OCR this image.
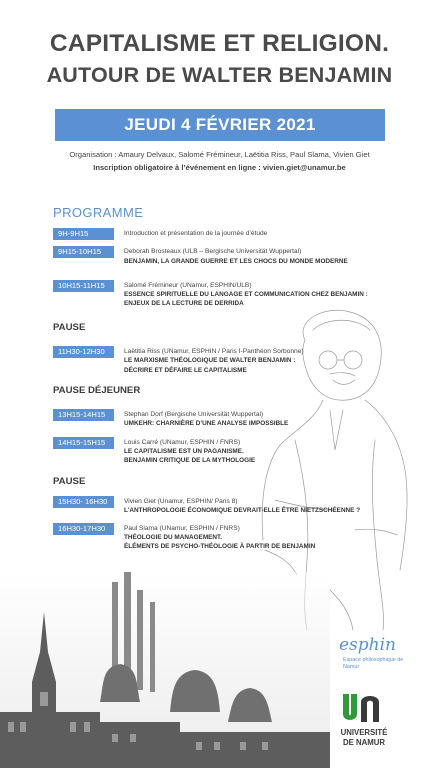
CAPITALISME ET RELIGION.
AUTOUR DE WALTER BENJAMIN
JEUDI 4 FÉVRIER 2021
Organisation : Amaury Delvaux, Salomé Frémineur, Laëtitia Riss, Paul Slama, Vivien Giet
Inscription obligatoire à l’événement en ligne : vivien.giet@unamur.be
PROGRAMME
9H-9H15	Introduction et présentation de la journée d’étude
9H15-10H15	Deborah Brosteaux (ULB – Bergische Universität Wuppertal)
BENJAMIN, LA GRANDE GUERRE ET LES CHOCS DU MONDE MODERNE
10H15-11H15	Salomé Frémineur (UNamur, ESPHIN/ULB)
ESSENCE SPIRITUELLE DU LANGAGE ET COMMUNICATION CHEZ BENJAMIN :
ENJEUX DE LA LECTURE DE DERRIDA
PAUSE
11H30-12H30	Laëtitia Riss (UNamur, ESPHIN / Paris I-Panthéon Sorbonne)
LE MARXISME THÉOLOGIQUE DE WALTER BENJAMIN :
DÉCRIRE ET DÉFAIRE LE CAPITALISME
PAUSE DÉJEUNER
13H15-14H15	Stephan Dorf (Bergische Universität Wuppertal)
UMKEHR: CHARNIÈRE D’UNE ANALYSE IMPOSSIBLE
14H15-15H15	Louis Carré (UNamur, ESPHIN / FNRS)
LE CAPITALISME EST UN PAGANISME.
BENJAMIN CRITIQUE DE LA MYTHOLOGIE
PAUSE
15H30- 16H30	Vivien Giet (Unamur, ESPHIN/ Paris 8)
L’ANTHROPOLOGIE ÉCONOMIQUE DEVRAIT-ELLE ÊTRE NIETZSCHÉENNE ?
16H30-17H30	Paul Slama (UNamur, ESPHIN / FNRS)
THÉOLOGIE DU MANAGEMENT.
ÉLÉMENTS DE PSYCHO-THÉOLOGIE À PARTIR DE BENJAMIN
esphin
Espace philosophique de Namur
UNIVERSITÉ
DE NAMUR
